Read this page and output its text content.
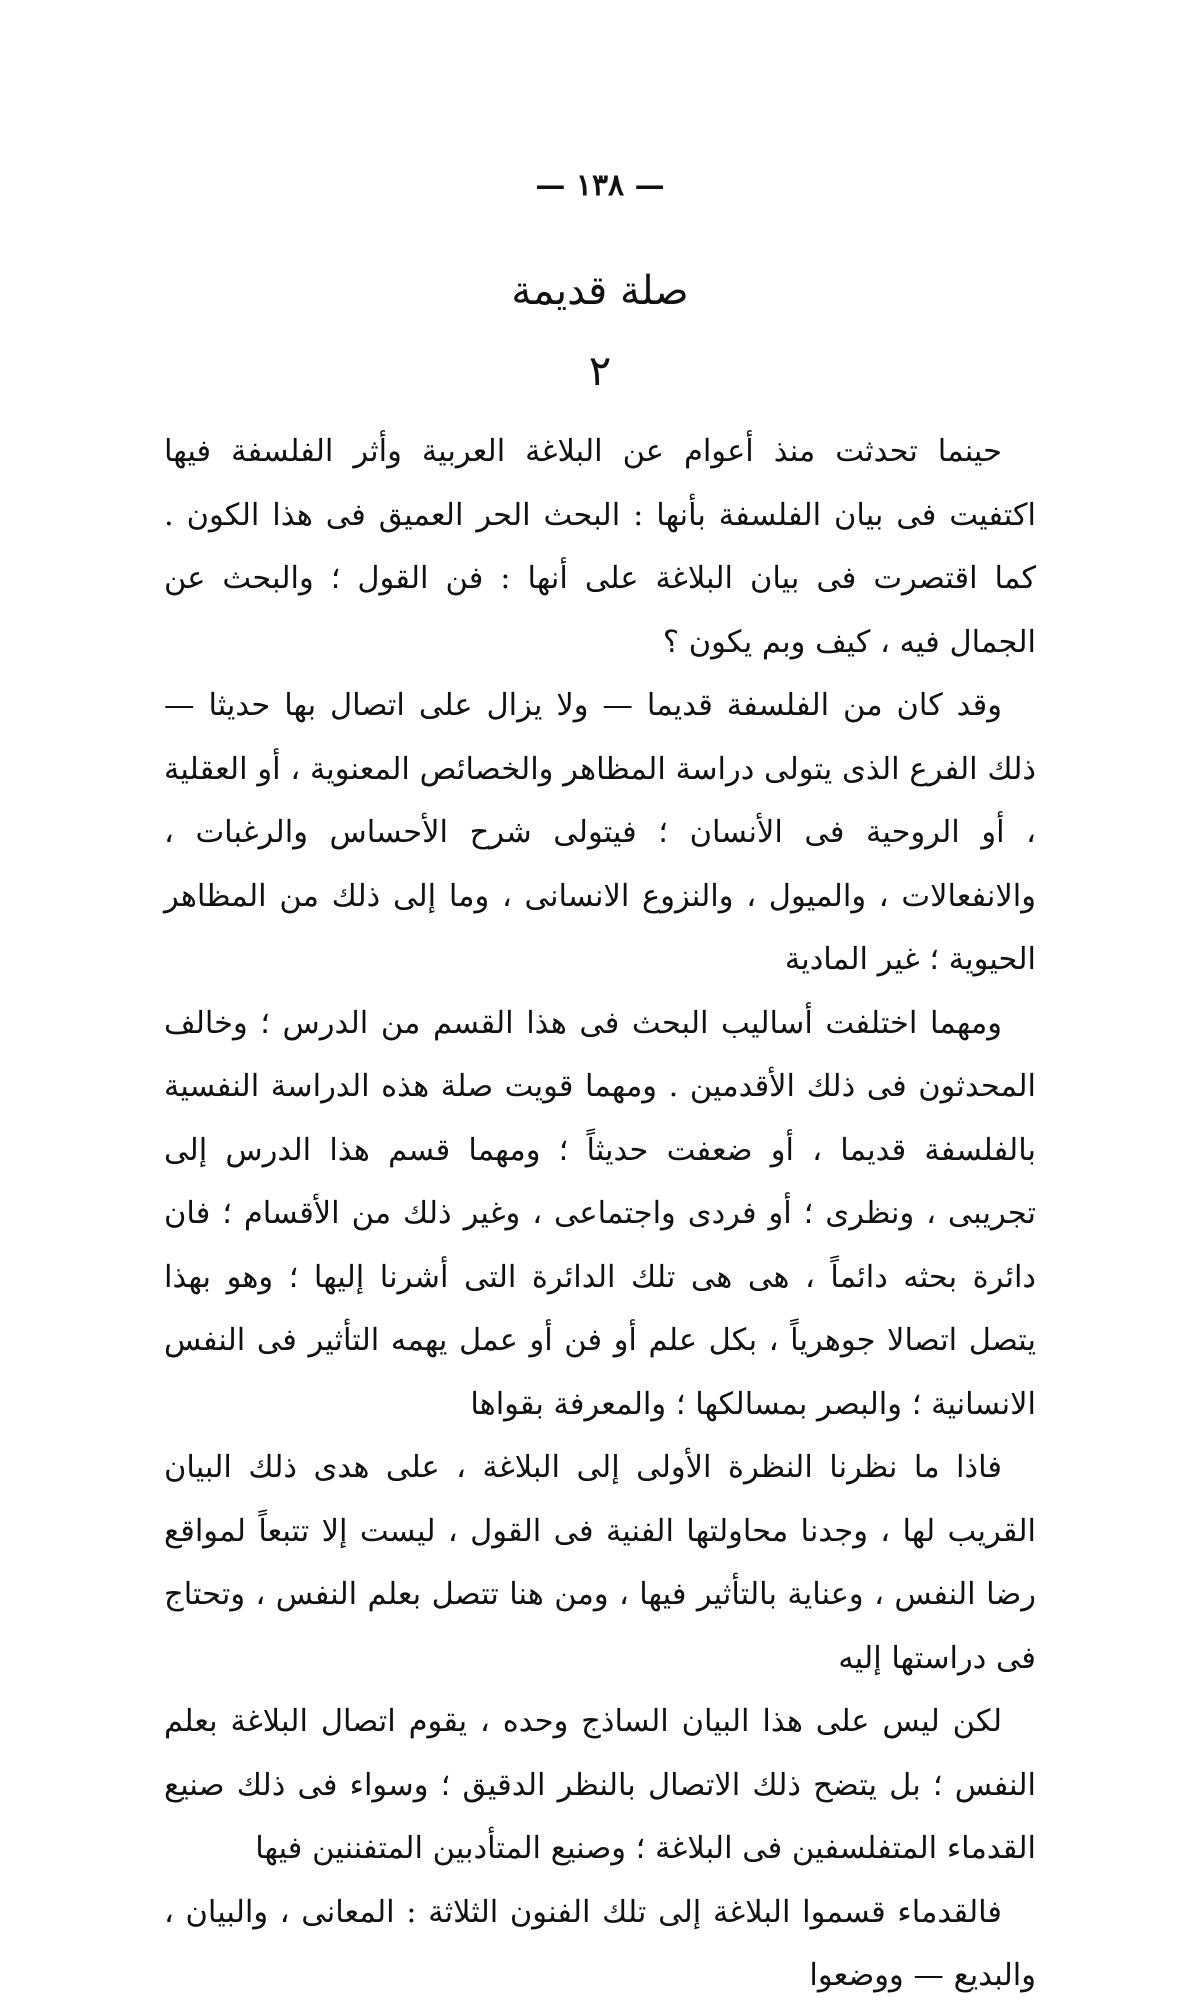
— ١٣٨ —
صلة قديمة
٢

حينما تحدثت منذ أعوام عن البلاغة العربية وأثر الفلسفة فيها اكتفيت فى بيان الفلسفة بأنها : البحث الحر العميق فى هذا الكون . كما اقتصرت فى بيان البلاغة على أنها : فن القول ؛ والبحث عن الجمال فيه ، كيف وبم يكون ؟

وقد كان من الفلسفة قديما — ولا يزال على اتصال بها حديثا — ذلك الفرع الذى يتولى دراسة المظاهر والخصائص المعنوية ، أو العقلية ، أو الروحية فى الأنسان ؛ فيتولى شرح الأحساس والرغبات ، والانفعالات ، والميول ، والنزوع الانسانى ، وما إلى ذلك من المظاهر الحيوية ؛ غير المادية

ومهما اختلفت أساليب البحث فى هذا القسم من الدرس ؛ وخالف المحدثون فى ذلك الأقدمين . ومهما قويت صلة هذه الدراسة النفسية بالفلسفة قديما ، أو ضعفت حديثاً ؛ ومهما قسم هذا الدرس إلى تجريبى ، ونظرى ؛ أو فردى واجتماعى ، وغير ذلك من الأقسام ؛ فان دائرة بحثه دائماً ، هى هى تلك الدائرة التى أشرنا إليها ؛ وهو بهذا يتصل اتصالا جوهرياً ، بكل علم أو فن أو عمل يهمه التأثير فى النفس الانسانية ؛ والبصر بمسالكها ؛ والمعرفة بقواها

فاذا ما نظرنا النظرة الأولى إلى البلاغة ، على هدى ذلك البيان القريب لها ، وجدنا محاولتها الفنية فى القول ، ليست إلا تتبعاً لمواقع رضا النفس ، وعناية بالتأثير فيها ، ومن هنا تتصل بعلم النفس ، وتحتاج فى دراستها إليه

لكن ليس على هذا البيان الساذج وحده ، يقوم اتصال البلاغة بعلم النفس ؛ بل يتضح ذلك الاتصال بالنظر الدقيق ؛ وسواء فى ذلك صنيع القدماء المتفلسفين فى البلاغة ؛ وصنيع المتأدبين المتفننين فيها

فالقدماء قسموا البلاغة إلى تلك الفنون الثلاثة : المعانى ، والبيان ، والبديع — ووضعوا
